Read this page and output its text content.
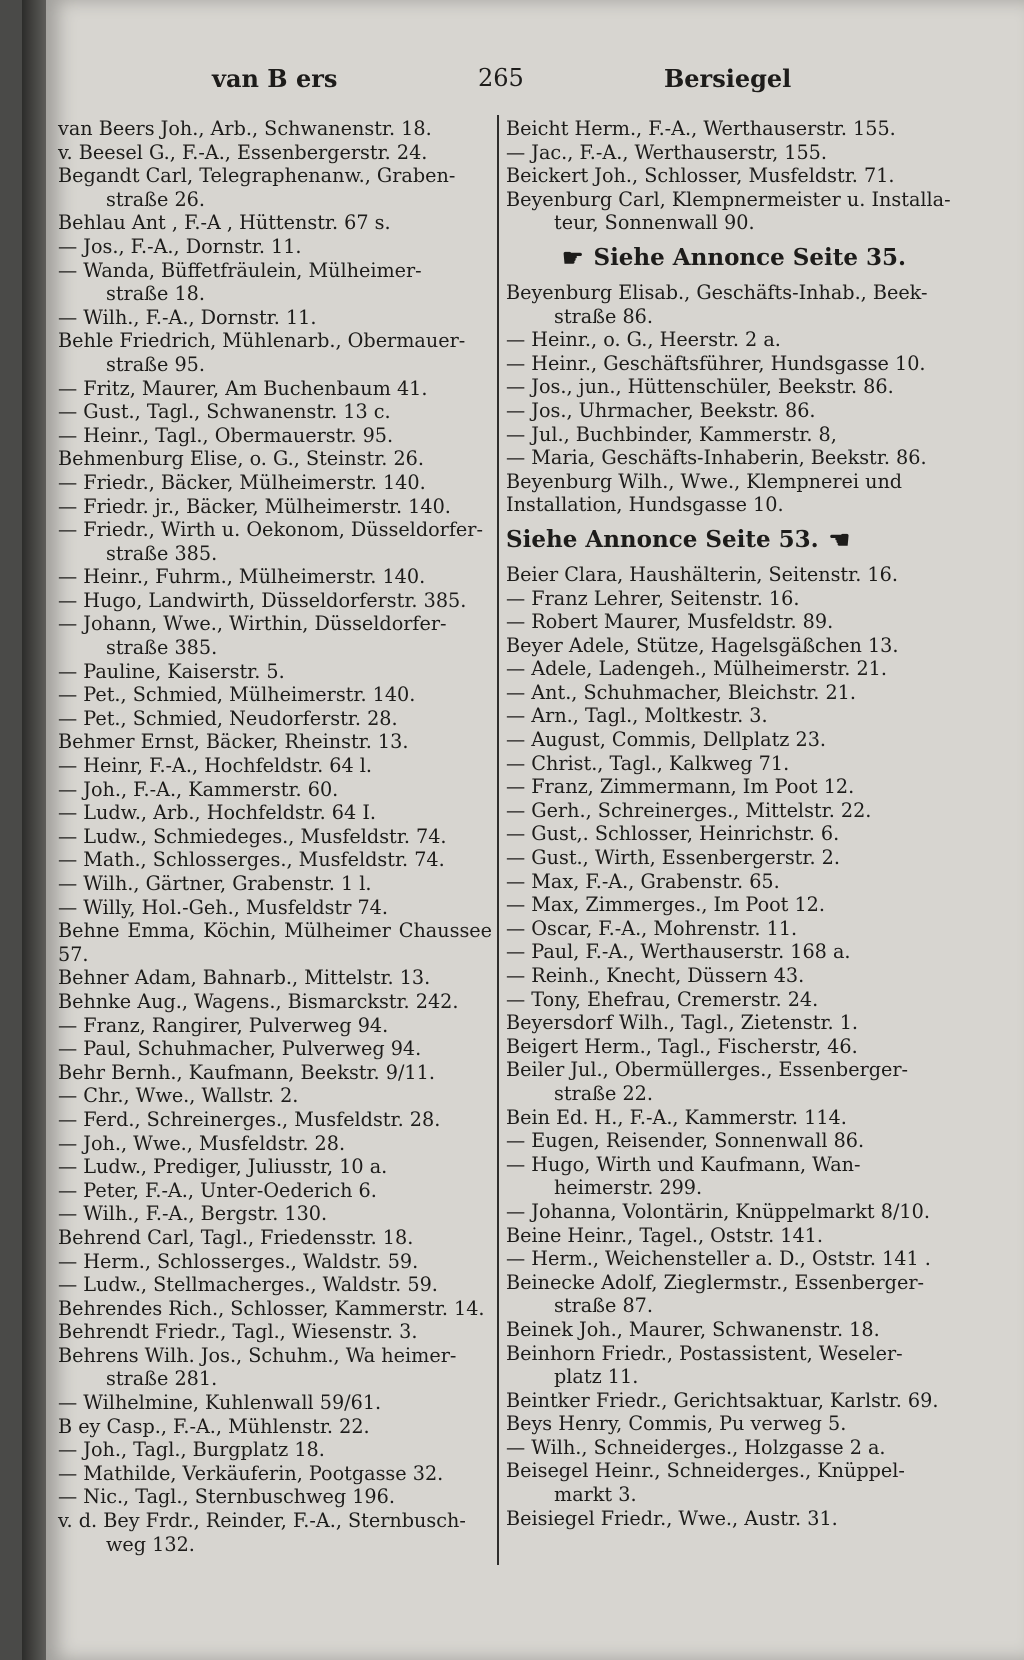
van B ers	265	Bersiegel
van Beers Joh., Arb., Schwanenstr. 18.
v. Beesel G., F.-A., Essenbergerstr. 24.
Begandt Carl, Telegraphenanw., Graben-
straße 26.
Behlau Ant , F.-A , Hüttenstr. 67 s.
— Jos., F.-A., Dornstr. 11.
— Wanda, Büffetfräulein, Mülheimer-
straße 18.
— Wilh., F.-A., Dornstr. 11.
Behle Friedrich, Mühlenarb., Obermauer-
straße 95.
— Fritz, Maurer, Am Buchenbaum 41.
— Gust., Tagl., Schwanenstr. 13 c.
— Heinr., Tagl., Obermauerstr. 95.
Behmenburg Elise, o. G., Steinstr. 26.
— Friedr., Bäcker, Mülheimerstr. 140.
— Friedr. jr., Bäcker, Mülheimerstr. 140.
— Friedr., Wirth u. Oekonom, Düsseldorfer-
straße 385.
— Heinr., Fuhrm., Mülheimerstr. 140.
— Hugo, Landwirth, Düsseldorferstr. 385.
— Johann, Wwe., Wirthin, Düsseldorfer-
straße 385.
— Pauline, Kaiserstr. 5.
— Pet., Schmied, Mülheimerstr. 140.
— Pet., Schmied, Neudorferstr. 28.
Behmer Ernst, Bäcker, Rheinstr. 13.
— Heinr, F.-A., Hochfeldstr. 64 l.
— Joh., F.-A., Kammerstr. 60.
— Ludw., Arb., Hochfeldstr. 64 I.
— Ludw., Schmiedeges., Musfeldstr. 74.
— Math., Schlosserges., Musfeldstr. 74.
— Wilh., Gärtner, Grabenstr. 1 l.
— Willy, Hol.-Geh., Musfeldstr 74.
Behne Emma, Köchin, Mülheimer Chaussee 57.
Behner Adam, Bahnarb., Mittelstr. 13.
Behnke Aug., Wagens., Bismarckstr. 242.
— Franz, Rangirer, Pulverweg 94.
— Paul, Schuhmacher, Pulverweg 94.
Behr Bernh., Kaufmann, Beekstr. 9/11.
— Chr., Wwe., Wallstr. 2.
— Ferd., Schreinerges., Musfeldstr. 28.
— Joh., Wwe., Musfeldstr. 28.
— Ludw., Prediger, Juliusstr, 10 a.
— Peter, F.-A., Unter-Oederich 6.
— Wilh., F.-A., Bergstr. 130.
Behrend Carl, Tagl., Friedensstr. 18.
— Herm., Schlosserges., Waldstr. 59.
— Ludw., Stellmacherges., Waldstr. 59.
Behrendes Rich., Schlosser, Kammerstr. 14.
Behrendt Friedr., Tagl., Wiesenstr. 3.
Behrens Wilh. Jos., Schuhm., Wa heimer-
straße 281.
— Wilhelmine, Kuhlenwall 59/61.
B ey Casp., F.-A., Mühlenstr. 22.
— Joh., Tagl., Burgplatz 18.
— Mathilde, Verkäuferin, Pootgasse 32.
— Nic., Tagl., Sternbuschweg 196.
v. d. Bey Frdr., Reinder, F.-A., Sternbusch-
weg 132.
Beicht Herm., F.-A., Werthauserstr. 155.
— Jac., F.-A., Werthauserstr, 155.
Beickert Joh., Schlosser, Musfeldstr. 71.
Beyenburg Carl, Klempnermeister u. Installa-
teur, Sonnenwall 90.
☛ Siehe Annonce Seite 35.
Beyenburg Elisab., Geschäfts-Inhab., Beek-
straße 86.
— Heinr., o. G., Heerstr. 2 a.
— Heinr., Geschäftsführer, Hundsgasse 10.
— Jos., jun., Hüttenschüler, Beekstr. 86.
— Jos., Uhrmacher, Beekstr. 86.
— Jul., Buchbinder, Kammerstr. 8,
— Maria, Geschäfts-Inhaberin, Beekstr. 86.
Beyenburg Wilh., Wwe., Klempnerei und
Installation, Hundsgasse 10.
Siehe Annonce Seite 53. ☚
Beier Clara, Haushälterin, Seitenstr. 16.
— Franz Lehrer, Seitenstr. 16.
— Robert Maurer, Musfeldstr. 89.
Beyer Adele, Stütze, Hagelsgäßchen 13.
— Adele, Ladengeh., Mülheimerstr. 21.
— Ant., Schuhmacher, Bleichstr. 21.
— Arn., Tagl., Moltkestr. 3.
— August, Commis, Dellplatz 23.
— Christ., Tagl., Kalkweg 71.
— Franz, Zimmermann, Im Poot 12.
— Gerh., Schreinerges., Mittelstr. 22.
— Gust,. Schlosser, Heinrichstr. 6.
— Gust., Wirth, Essenbergerstr. 2.
— Max, F.-A., Grabenstr. 65.
— Max, Zimmerges., Im Poot 12.
— Oscar, F.-A., Mohrenstr. 11.
— Paul, F.-A., Werthauserstr. 168 a.
— Reinh., Knecht, Düssern 43.
— Tony, Ehefrau, Cremerstr. 24.
Beyersdorf Wilh., Tagl., Zietenstr. 1.
Beigert Herm., Tagl., Fischerstr, 46.
Beiler Jul., Obermüllerges., Essenberger-
straße 22.
Bein Ed. H., F.-A., Kammerstr. 114.
— Eugen, Reisender, Sonnenwall 86.
— Hugo, Wirth und Kaufmann, Wan-
heimerstr. 299.
— Johanna, Volontärin, Knüppelmarkt 8/10.
Beine Heinr., Tagel., Oststr. 141.
— Herm., Weichensteller a. D., Oststr. 141 .
Beinecke Adolf, Zieglermstr., Essenberger-
straße 87.
Beinek Joh., Maurer, Schwanenstr. 18.
Beinhorn Friedr., Postassistent, Weseler-
platz 11.
Beintker Friedr., Gerichtsaktuar, Karlstr. 69.
Beys Henry, Commis, Pu verweg 5.
— Wilh., Schneiderges., Holzgasse 2 a.
Beisegel Heinr., Schneiderges., Knüppel-
markt 3.
Beisiegel Friedr., Wwe., Austr. 31.
